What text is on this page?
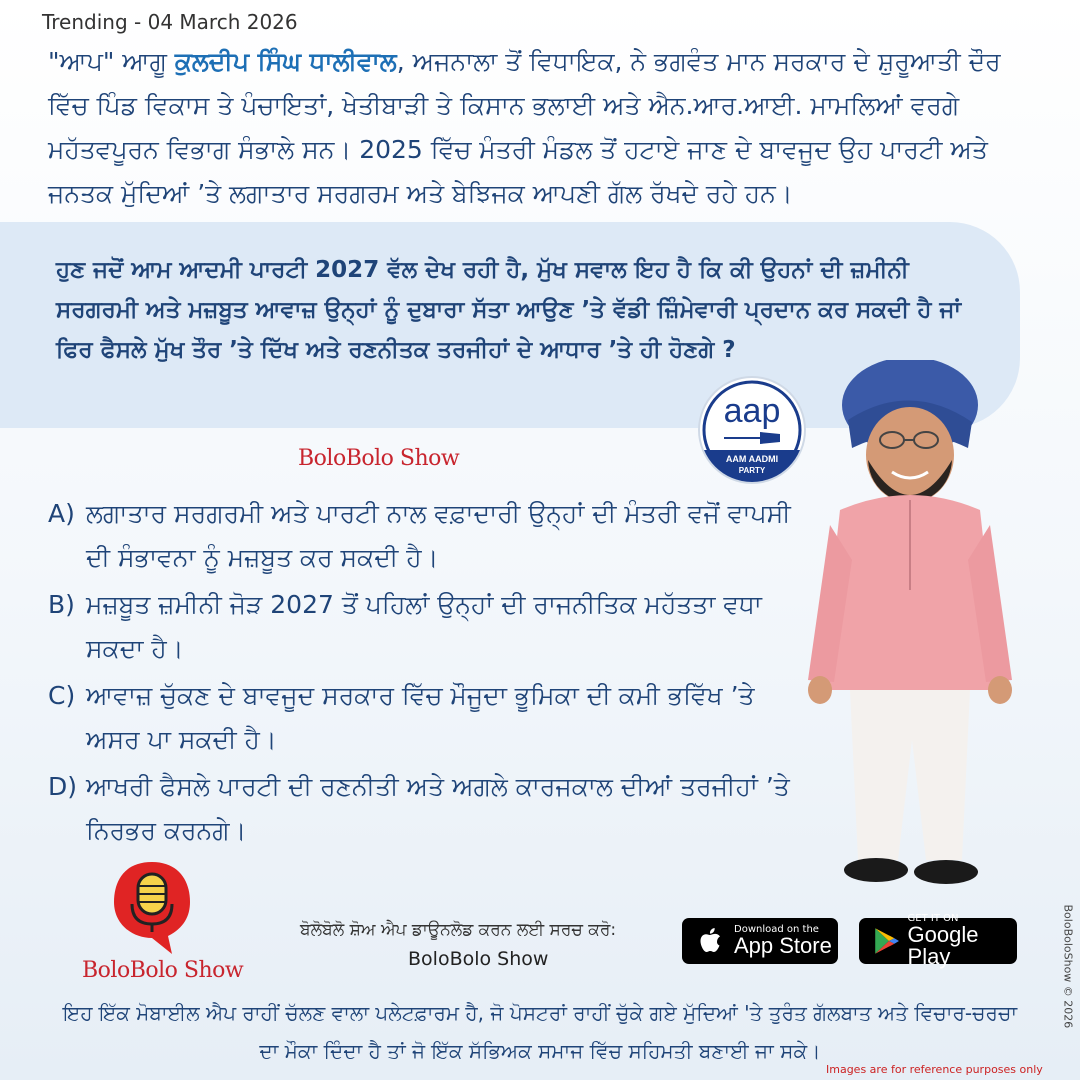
Trending - 04 March 2026
"ਆਪ" ਆਗੂ ਕੁਲਦੀਪ ਸਿੰਘ ਧਾਲੀਵਾਲ, ਅਜਨਾਲਾ ਤੋਂ ਵਿਧਾਇਕ, ਨੇ ਭਗਵੰਤ ਮਾਨ ਸਰਕਾਰ ਦੇ ਸ਼ੁਰੂਆਤੀ ਦੌਰ ਵਿੱਚ ਪਿੰਡ ਵਿਕਾਸ ਤੇ ਪੰਚਾਇਤਾਂ, ਖੇਤੀਬਾੜੀ ਤੇ ਕਿਸਾਨ ਭਲਾਈ ਅਤੇ ਐਨ.ਆਰ.ਆਈ. ਮਾਮਲਿਆਂ ਵਰਗੇ ਮਹੱਤਵਪੂਰਨ ਵਿਭਾਗ ਸੰਭਾਲੇ ਸਨ। 2025 ਵਿੱਚ ਮੰਤਰੀ ਮੰਡਲ ਤੋਂ ਹਟਾਏ ਜਾਣ ਦੇ ਬਾਵਜੂਦ ਉਹ ਪਾਰਟੀ ਅਤੇ ਜਨਤਕ ਮੁੱਦਿਆਂ ’ਤੇ ਲਗਾਤਾਰ ਸਰਗਰਮ ਅਤੇ ਬੇਝਿਜਕ ਆਪਣੀ ਗੱਲ ਰੱਖਦੇ ਰਹੇ ਹਨ।
ਹੁਣ ਜਦੋਂ ਆਮ ਆਦਮੀ ਪਾਰਟੀ 2027 ਵੱਲ ਦੇਖ ਰਹੀ ਹੈ, ਮੁੱਖ ਸਵਾਲ ਇਹ ਹੈ ਕਿ ਕੀ ਉਹਨਾਂ ਦੀ ਜ਼ਮੀਨੀ ਸਰਗਰਮੀ ਅਤੇ ਮਜ਼ਬੂਤ ਆਵਾਜ਼ ਉਨ੍ਹਾਂ ਨੂੰ ਦੁਬਾਰਾ ਸੱਤਾ ਆਉਣ ’ਤੇ ਵੱਡੀ ਜ਼ਿੰਮੇਵਾਰੀ ਪ੍ਰਦਾਨ ਕਰ ਸਕਦੀ ਹੈ ਜਾਂ ਫਿਰ ਫੈਸਲੇ ਮੁੱਖ ਤੌਰ ’ਤੇ ਦਿੱਖ ਅਤੇ ਰਣਨੀਤਕ ਤਰਜੀਹਾਂ ਦੇ ਆਧਾਰ ’ਤੇ ਹੀ ਹੋਣਗੇ ?
BoloBolo Show
A) ਲਗਾਤਾਰ ਸਰਗਰਮੀ ਅਤੇ ਪਾਰਟੀ ਨਾਲ ਵਫ਼ਾਦਾਰੀ ਉਨ੍ਹਾਂ ਦੀ ਮੰਤਰੀ ਵਜੋਂ ਵਾਪਸੀ ਦੀ ਸੰਭਾਵਨਾ ਨੂੰ ਮਜ਼ਬੂਤ ਕਰ ਸਕਦੀ ਹੈ।
B) ਮਜ਼ਬੂਤ ਜ਼ਮੀਨੀ ਜੋੜ 2027 ਤੋਂ ਪਹਿਲਾਂ ਉਨ੍ਹਾਂ ਦੀ ਰਾਜਨੀਤਿਕ ਮਹੱਤਤਾ ਵਧਾ ਸਕਦਾ ਹੈ।
C) ਆਵਾਜ਼ ਚੁੱਕਣ ਦੇ ਬਾਵਜੂਦ ਸਰਕਾਰ ਵਿੱਚ ਮੌਜੂਦਾ ਭੂਮਿਕਾ ਦੀ ਕਮੀ ਭਵਿੱਖ ’ਤੇ ਅਸਰ ਪਾ ਸਕਦੀ ਹੈ।
D) ਆਖਰੀ ਫੈਸਲੇ ਪਾਰਟੀ ਦੀ ਰਣਨੀਤੀ ਅਤੇ ਅਗਲੇ ਕਾਰਜਕਾਲ ਦੀਆਂ ਤਰਜੀਹਾਂ ’ਤੇ ਨਿਰਭਰ ਕਰਨਗੇ।
aap
AAM AADMI
PARTY
BoloBolo Show
ਬੋਲੋਬੋਲੋ ਸ਼ੋਅ ਐਪ ਡਾਊਨਲੋਡ ਕਰਨ ਲਈ ਸਰਚ ਕਰੋ:
BoloBolo Show
Download on the
App Store
GET IT ON
Google Play
ਇਹ ਇੱਕ ਮੋਬਾਈਲ ਐਪ ਰਾਹੀਂ ਚੱਲਣ ਵਾਲਾ ਪਲੇਟਫ਼ਾਰਮ ਹੈ, ਜੋ ਪੋਸਟਰਾਂ ਰਾਹੀਂ ਚੁੱਕੇ ਗਏ ਮੁੱਦਿਆਂ 'ਤੇ ਤੁਰੰਤ ਗੱਲਬਾਤ ਅਤੇ ਵਿਚਾਰ-ਚਰਚਾ ਦਾ ਮੌਕਾ ਦਿੰਦਾ ਹੈ ਤਾਂ ਜੋ ਇੱਕ ਸੱਭਿਅਕ ਸਮਾਜ ਵਿੱਚ ਸਹਿਮਤੀ ਬਣਾਈ ਜਾ ਸਕੇ।
BoloBoloShow © 2026
Images are for reference purposes only
